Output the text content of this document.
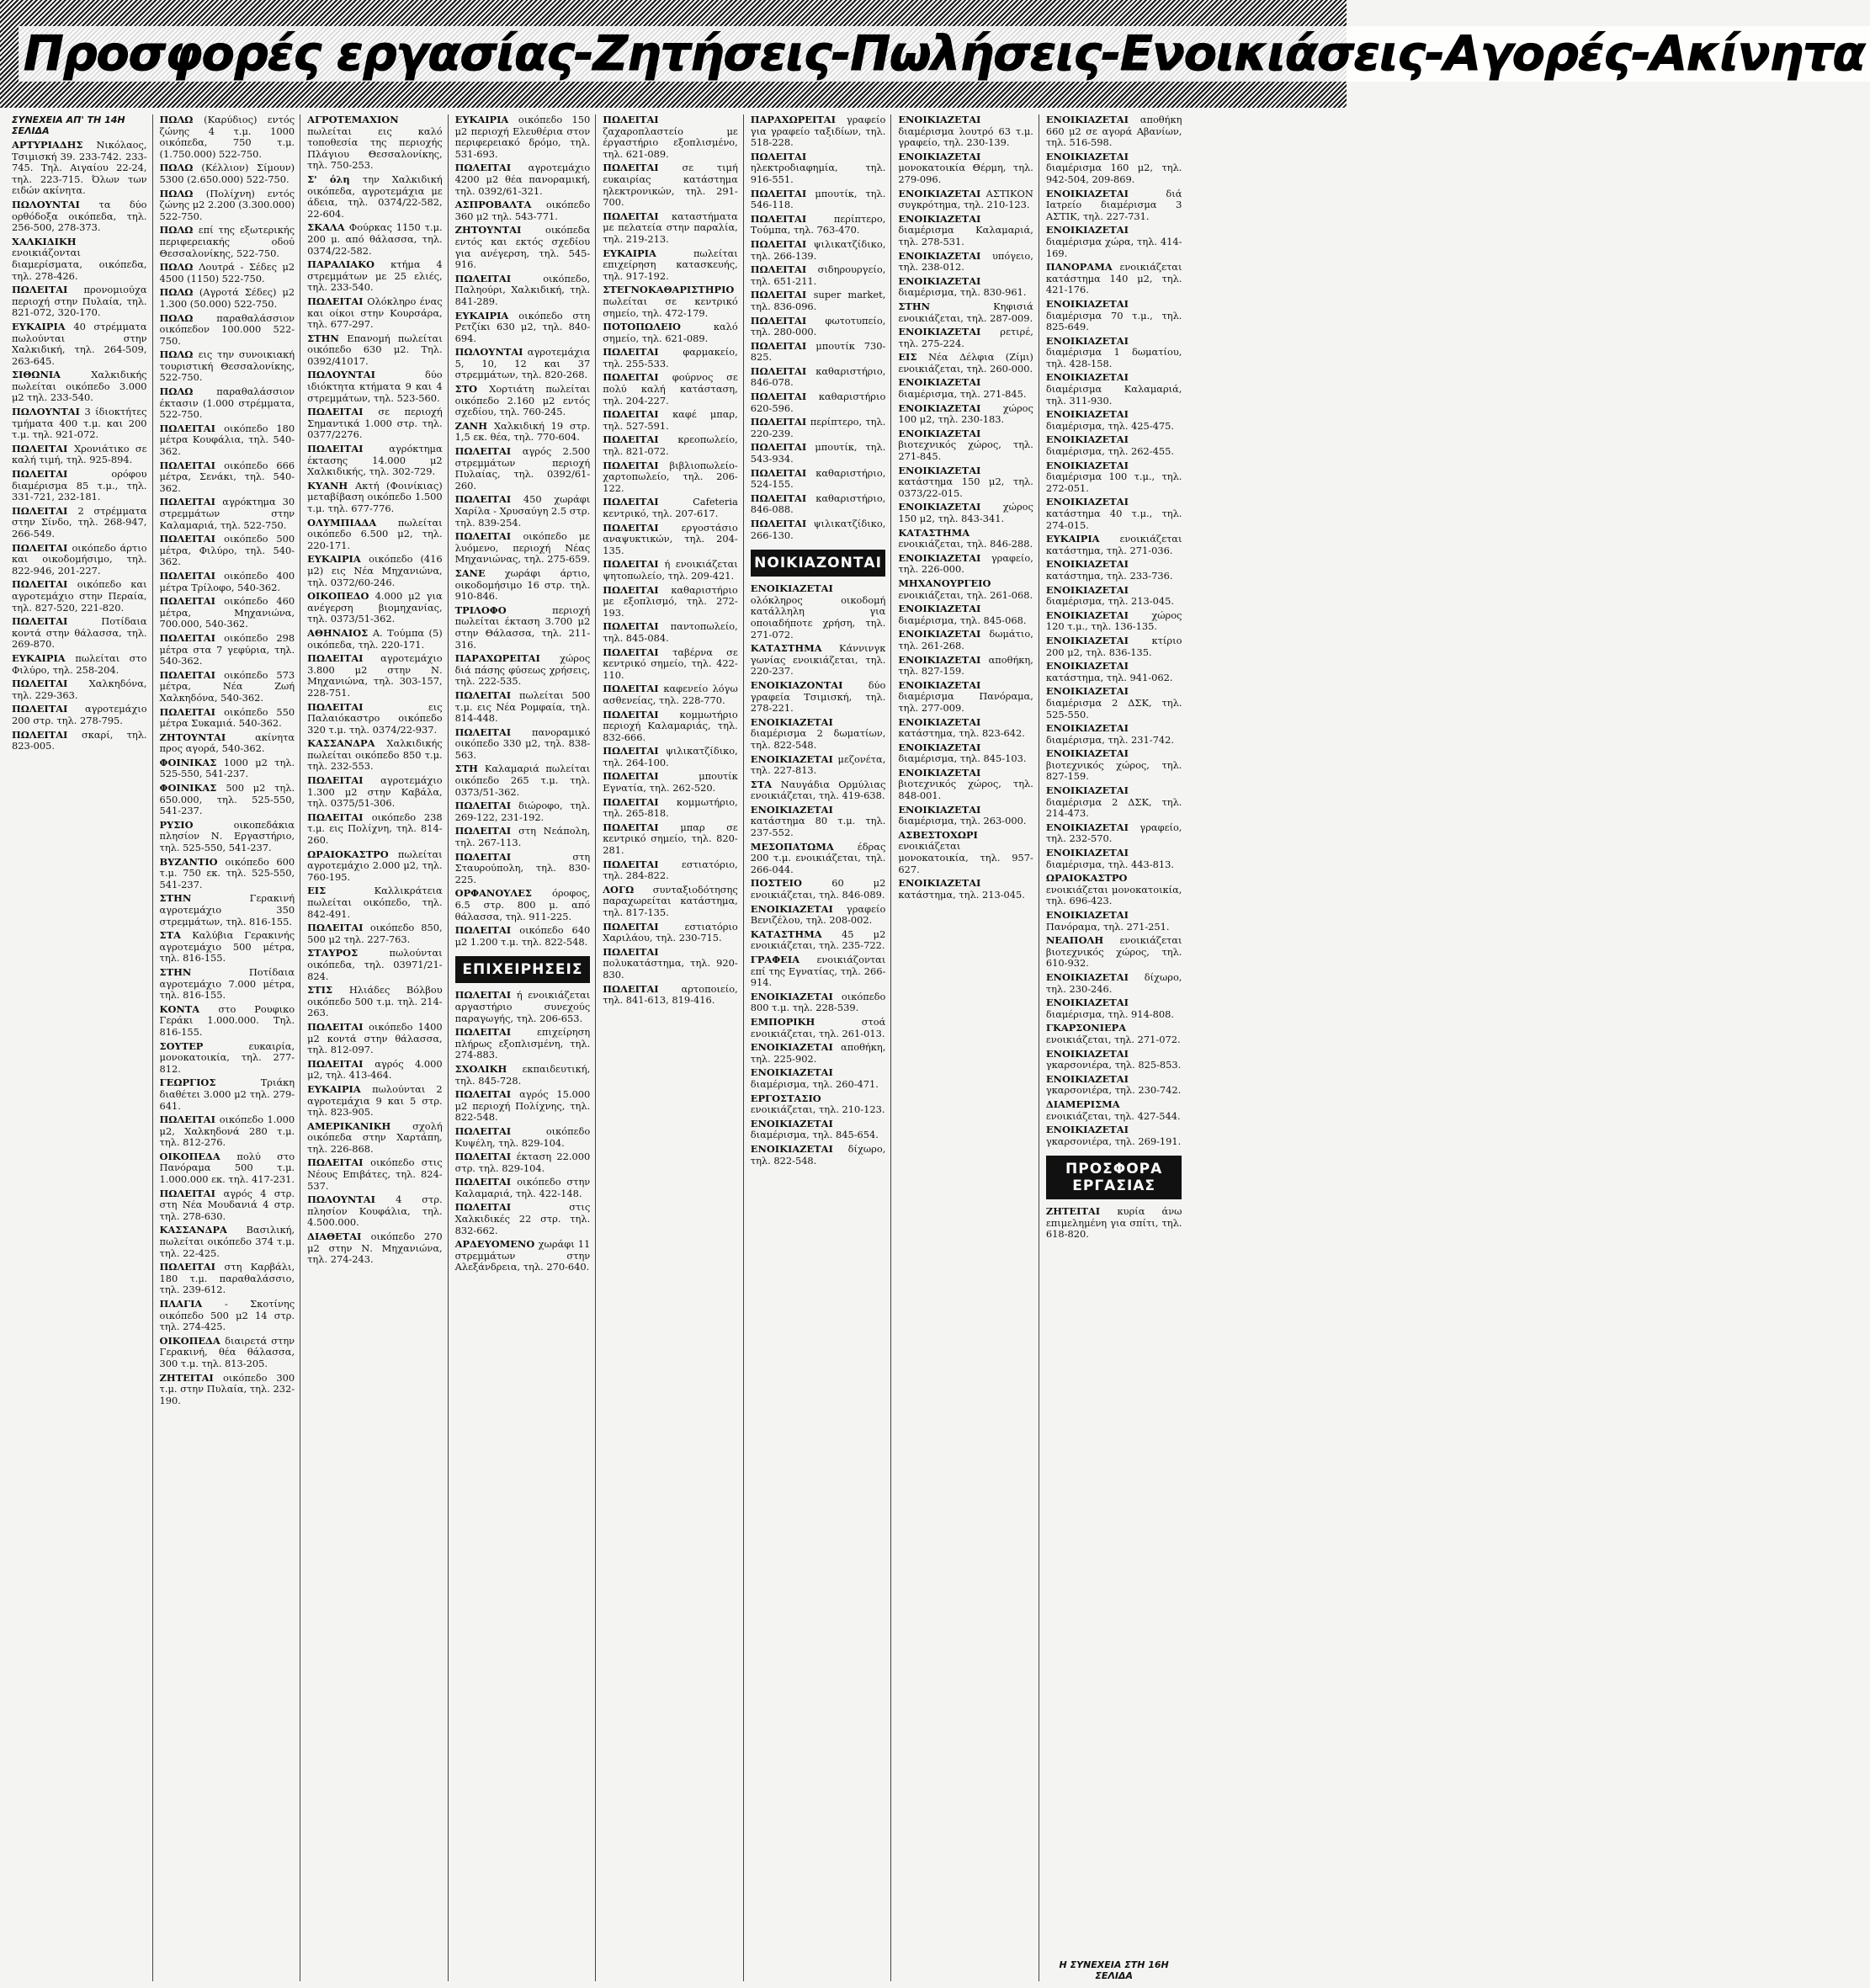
Προσφορές εργασίας-Ζητήσεις-Πωλήσεις-Ενοικιάσεις-Αγορές-Ακίνητα
ΣΥΝΕΧΕΙΑ ΑΠ' ΤΗ 14Η ΣΕΛΙΔΑ

ΑΡΤΥΡΙΑΔΗΣ Νικόλαος, Τσιμισκή 39. 233-742. 233-745. Τηλ. Αιγαίου 22-24, τηλ. 223-715. Όλων των ειδών ακίνητα.

ΠΩΛΟΥΝΤΑΙ τα δύο ορθόδοξα οικόπεδα, τηλ. 256-500, 278-373.

ΧΑΛΚΙΔΙΚΗ ενοικιάζονται διαμερίσματα, οικόπεδα, τηλ. 278-426.

ΠΩΛΕΙΤΑΙ προνομιούχα περιοχή στην Πυλαία, τηλ. 821-072, 320-170.

ΕΥΚΑΙΡΙΑ 40 στρέμματα πωλούνται στην Χαλκιδική, τηλ. 264-509, 263-645.

ΣΙΘΩΝΙΑ Χαλκιδικής πωλείται οικόπεδο 3.000 μ2 τηλ. 233-540.

ΠΩΛΟΥΝΤΑΙ 3 ίδιοκτήτες τμήματα 400 τ.μ. και 200 τ.μ. τηλ. 921-072.

ΠΩΛΕΙΤΑΙ Χρονιάτικο σε καλή τιμή, τηλ. 925-894.

ΠΩΛΕΙΤΑΙ ορόφου διαμέρισμα 85 τ.μ., τηλ. 331-721, 232-181.

ΠΩΛΕΙΤΑΙ 2 στρέμματα στην Σίνδο, τηλ. 268-947, 266-549.

ΠΩΛΕΙΤΑΙ οικόπεδο άρτιο και οικοδομήσιμο, τηλ. 822-946, 201-227.

ΠΩΛΕΙΤΑΙ οικόπεδο και αγροτεμάχιο στην Περαία, τηλ. 827-520, 221-820.

ΠΩΛΕΙΤΑΙ Ποτίδαια κοντά στην θάλασσα, τηλ. 269-870.

ΕΥΚΑΙΡΙΑ πωλείται στο Φιλύρο, τηλ. 258-204.

ΠΩΛΕΙΤΑΙ Χαλκηδόνα, τηλ. 229-363.

ΠΩΛΕΙΤΑΙ αγροτεμάχιο 200 στρ. τηλ. 278-795.

ΠΩΛΕΙΤΑΙ σκαρί, τηλ. 823-005.

ΠΩΛΩ (Καρύδιος) εντός ζώνης 4 τ.μ. 1000 οικόπεδα, 750 τ.μ. (1.750.000) 522-750.

ΠΩΛΩ (Κέλλιον) Σίμουν) 5300 (2.650.000) 522-750.

ΠΩΛΩ (Πολίχνη) εντός ζώνης μ2 2.200 (3.300.000) 522-750.

ΠΩΛΩ επί της εξωτερικής περιφερειακής οδού Θεσσαλονίκης, 522-750.

ΠΩΛΩ Λουτρά - Σέδες μ2 4500 (1150) 522-750.

ΠΩΛΩ (Αγροτά Σέδες) μ2 1.300 (50.000) 522-750.

ΠΩΛΩ παραθαλάσσιον οικόπεδον 100.000 522-750.

ΠΩΛΩ εις την συνοικιακή τουριστική Θεσσαλονίκης, 522-750.

ΠΩΛΩ παραθαλάσσιον έκτασιν (1.000 στρέμματα, 522-750.

ΠΩΛΕΙΤΑΙ οικόπεδο 180 μέτρα Κουφάλια, τηλ. 540-362.

ΠΩΛΕΙΤΑΙ οικόπεδο 666 μέτρα, Σενάκι, τηλ. 540-362.

ΠΩΛΕΙΤΑΙ αγρόκτημα 30 στρεμμάτων στην Καλαμαριά, τηλ. 522-750.

ΠΩΛΕΙΤΑΙ οικόπεδο 500 μέτρα, Φιλύρο, τηλ. 540-362.

ΠΩΛΕΙΤΑΙ οικόπεδο 400 μέτρα Τρίλοφο, 540-362.

ΠΩΛΕΙΤΑΙ οικόπεδο 460 μέτρα, Μηχανιώνα, 700.000, 540-362.

ΠΩΛΕΙΤΑΙ οικόπεδο 298 μέτρα στα 7 γεφύρια, τηλ. 540-362.

ΠΩΛΕΙΤΑΙ οικόπεδο 573 μέτρα, Νέα Ζωή Χαλκηδόνα, 540-362.

ΠΩΛΕΙΤΑΙ οικόπεδο 550 μέτρα Συκαμιά. 540-362.

ΖΗΤΟΥΝΤΑΙ ακίνητα προς αγορά, 540-362.

ΦΟΙΝΙΚΑΣ 1000 μ2 τηλ. 525-550, 541-237.

ΦΟΙΝΙΚΑΣ 500 μ2 τηλ. 650.000, τηλ. 525-550, 541-237.

ΡΥΣΙΟ οικοπεδάκια πλησίον Ν. Εργαστήριο, τηλ. 525-550, 541-237.

ΒΥΖΑΝΤΙΟ οικόπεδο 600 τ.μ. 750 εκ. τηλ. 525-550, 541-237.

ΣΤΗΝ Γερακινή αγροτεμάχιο 350 στρεμμάτων, τηλ. 816-155.

ΣΤΑ Καλύβια Γερακινής αγροτεμάχιο 500 μέτρα, τηλ. 816-155.

ΣΤΗΝ Ποτίδαια αγροτεμάχιο 7.000 μέτρα, τηλ. 816-155.

ΚΟΝΤΑ στο Ρουφικο Γεράκι 1.000.000. Τηλ. 816-155.

ΣΟΥΤΕΡ ευκαιρία, μονοκατοικία, τηλ. 277-812.

ΓΕΩΡΓΙΟΣ Τριάκη διαθέτει 3.000 μ2 τηλ. 279-641.

ΠΩΛΕΙΤΑΙ οικόπεδο 1.000 μ2, Χαλκηδονά 280 τ.μ. τηλ. 812-276.

ΟΙΚΟΠΕΔΑ πολύ στο Πανόραμα 500 τ.μ. 1.000.000 εκ. τηλ. 417-231.

ΠΩΛΕΙΤΑΙ αγρός 4 στρ. στη Νέα Μουδανιά 4 στρ. τηλ. 278-630.

ΚΑΣΣΑΝΔΡΑ Βασιλική, πωλείται οικόπεδο 374 τ.μ. τηλ. 22-425.

ΠΩΛΕΙΤΑΙ στη Καρβάλι, 180 τ.μ. παραθαλάσσιο, τηλ. 239-612.

ΠΛΑΓΙΑ - Σκοτίνης οικόπεδο 500 μ2 14 στρ. τηλ. 274-425.

ΟΙΚΟΠΕΔΑ διαιρετά στην Γερακινή, θέα θάλασσα, 300 τ.μ. τηλ. 813-205.

ΖΗΤΕΙΤΑΙ οικόπεδο 300 τ.μ. στην Πυλαία, τηλ. 232-190.

ΑΓΡΟΤΕΜΑΧΙΟΝ πωλείται εις καλό τοποθεσία της περιοχής Πλάγιου Θεσσαλονίκης, τηλ. 750-253.

Σ' όλη την Χαλκιδική οικόπεδα, αγροτεμάχια με άδεια, τηλ. 0374/22-582, 22-604.

ΣΚΑΛΑ Φούρκας 1150 τ.μ. 200 μ. από θάλασσα, τηλ. 0374/22-582.

ΠΑΡΑΛΙΑΚΟ κτήμα 4 στρεμμάτων με 25 ελιές, τηλ. 233-540.

ΠΩΛΕΙΤΑΙ Ολόκληρο ένας και οίκοι στην Κουρσάρα, τηλ. 677-297.

ΣΤΗΝ Επανομή πωλείται οικόπεδο 630 μ2. Τηλ. 0392/41017.

ΠΩΛΟΥΝΤΑΙ δύο ιδιόκτητα κτήματα 9 και 4 στρεμμάτων, τηλ. 523-560.

ΠΩΛΕΙΤΑΙ σε περιοχή Σημαντικά 1.000 στρ. τηλ. 0377/2276.

ΠΩΛΕΙΤΑΙ αγρόκτημα έκτασης 14.000 μ2 Χαλκιδικής, τηλ. 302-729.

ΚΥΑΝΗ Ακτή (Φοινίκιας) μεταβίβαση οικόπεδο 1.500 τ.μ. τηλ. 677-776.

ΟΛΥΜΠΙΑΔΑ πωλείται οικόπεδο 6.500 μ2, τηλ. 220-171.

ΕΥΚΑΙΡΙΑ οικόπεδο (416 μ2) εις Νέα Μηχανιώνα, τηλ. 0372/60-246.

ΟΙΚΟΠΕΔΟ 4.000 μ2 για ανέγερση βιομηχανίας, τηλ. 0373/51-362.

ΑΘΗΝΑΙΟΣ Α. Τούμπα (5) οικόπεδα, τηλ. 220-171.

ΠΩΛΕΙΤΑΙ αγροτεμάχιο 3.800 μ2 στην Ν. Μηχανιώνα, τηλ. 303-157, 228-751.

ΠΩΛΕΙΤΑΙ εις Παλαιόκαστρο οικόπεδο 320 τ.μ. τηλ. 0374/22-937.

ΚΑΣΣΑΝΔΡΑ Χαλκιδικής πωλείται οικόπεδο 850 τ.μ. τηλ. 232-553.

ΠΩΛΕΙΤΑΙ αγροτεμάχιο 1.300 μ2 στην Καβάλα, τηλ. 0375/51-306.

ΠΩΛΕΙΤΑΙ οικόπεδο 238 τ.μ. εις Πολίχνη, τηλ. 814-260.

ΩΡΑΙΟΚΑΣΤΡΟ πωλείται αγροτεμάχιο 2.000 μ2, τηλ. 760-195.

ΕΙΣ Καλλικράτεια πωλείται οικόπεδο, τηλ. 842-491.

ΠΩΛΕΙΤΑΙ οικόπεδο 850, 500 μ2 τηλ. 227-763.

ΣΤΑΥΡΟΣ πωλούνται οικόπεδα, τηλ. 03971/21-824.

ΣΤΙΣ Ηλιάδες Βόλβου οικόπεδο 500 τ.μ. τηλ. 214-263.

ΠΩΛΕΙΤΑΙ οικόπεδο 1400 μ2 κοντά στην θάλασσα, τηλ. 812-097.

ΠΩΛΕΙΤΑΙ αγρός 4.000 μ2, τηλ. 413-464.

ΕΥΚΑΙΡΙΑ πωλούνται 2 αγροτεμάχια 9 και 5 στρ. τηλ. 823-905.

ΑΜΕΡΙΚΑΝΙΚΗ σχολή οικόπεδα στην Χαρτάπη, τηλ. 226-868.

ΠΩΛΕΙΤΑΙ οικόπεδο στις Νέους Επιβάτες, τηλ. 824-537.

ΠΩΛΟΥΝΤΑΙ 4 στρ. πλησίον Κουφάλια, τηλ. 4.500.000.

ΔΙΑΘΕΤΑΙ οικόπεδο 270 μ2 στην Ν. Μηχανιώνα, τηλ. 274-243.

ΕΥΚΑΙΡΙΑ οικόπεδο 150 μ2 περιοχή Ελευθέρια στον περιφερειακό δρόμο, τηλ. 531-693.

ΠΩΛΕΙΤΑΙ αγροτεμάχιο 4200 μ2 θέα πανοραμική, τηλ. 0392/61-321.

ΑΣΠΡΟΒΑΛΤΑ οικόπεδο 360 μ2 τηλ. 543-771.

ΖΗΤΟΥΝΤΑΙ οικόπεδα εντός και εκτός σχεδίου για ανέγερση, τηλ. 545-916.

ΠΩΛΕΙΤΑΙ οικόπεδο, Παληούρι, Χαλκιδική, τηλ. 841-289.

ΕΥΚΑΙΡΙΑ οικόπεδο στη Ρετζίκι 630 μ2, τηλ. 840-694.

ΠΩΛΟΥΝΤΑΙ αγροτεμάχια 5, 10, 12 και 37 στρεμμάτων, τηλ. 820-268.

ΣΤΟ Χορτιάτη πωλείται οικόπεδο 2.160 μ2 εντός σχεδίου, τηλ. 760-245.

ΖΑΝΗ Χαλκιδική 19 στρ. 1,5 εκ. θέα, τηλ. 770-604.

ΠΩΛΕΙΤΑΙ αγρός 2.500 στρεμμάτων περιοχή Πυλαίας, τηλ. 0392/61-260.

ΠΩΛΕΙΤΑΙ 450 χωράφι Χαρίλα - Χρυσαύγη 2.5 στρ. τηλ. 839-254.

ΠΩΛΕΙΤΑΙ οικόπεδο με λυόμενο, περιοχή Νέας Μηχανιώνας, τηλ. 275-659.

ΣΑΝΕ χωράφι άρτιο, οικοδομήσιμο 16 στρ. τηλ. 910-846.

ΤΡΙΛΟΦΟ περιοχή πωλείται έκταση 3.700 μ2 στην Θάλασσα, τηλ. 211-316.

ΠΑΡΑΧΩΡΕΙΤΑΙ χώρος διά πάσης φύσεως χρήσεις, τηλ. 222-535.

ΠΩΛΕΙΤΑΙ πωλείται 500 τ.μ. εις Νέα Ρομφαία, τηλ. 814-448.

ΠΩΛΕΙΤΑΙ πανοραμικό οικόπεδο 330 μ2, τηλ. 838-563.

ΣΤΗ Καλαμαριά πωλείται οικόπεδο 265 τ.μ. τηλ. 0373/51-362.

ΠΩΛΕΙΤΑΙ διώροφο, τηλ. 269-122, 231-192.

ΠΩΛΕΙΤΑΙ στη Νεάπολη, τηλ. 267-113.

ΠΩΛΕΙΤΑΙ στη Σταυρούπολη, τηλ. 830-225.

ΟΡΦΑΝΟΥΛΕΣ όροφος, 6.5 στρ. 800 μ. από θάλασσα, τηλ. 911-225.

ΠΩΛΕΙΤΑΙ οικόπεδο 640 μ2 1.200 τ.μ. τηλ. 822-548.

ΕΠΙΧΕΙΡΗΣΕΙΣ

ΠΩΛΕΙΤΑΙ ή ενοικιάζεται αργαστήριο συνεχούς παραγωγής, τηλ. 206-653.

ΠΩΛΕΙΤΑΙ επιχείρηση πλήρως εξοπλισμένη, τηλ. 274-883.

ΣΧΟΛΙΚΗ εκπαιδευτική, τηλ. 845-728.

ΠΩΛΕΙΤΑΙ αγρός 15.000 μ2 περιοχή Πολίχνης, τηλ. 822-548.

ΠΩΛΕΙΤΑΙ οικόπεδο Κυψέλη, τηλ. 829-104.

ΠΩΛΕΙΤΑΙ έκταση 22.000 στρ. τηλ. 829-104.

ΠΩΛΕΙΤΑΙ οικόπεδο στην Καλαμαριά, τηλ. 422-148.

ΠΩΛΕΙΤΑΙ στις Χαλκιδικές 22 στρ. τηλ. 832-662.

ΑΡΔΕΥΟΜΕΝΟ χωράφι 11 στρεμμάτων στην Αλεξάνδρεια, τηλ. 270-640.

ΠΩΛΕΙΤΑΙ ζαχαροπλαστείο με έργαστήριο εξοπλισμένο, τηλ. 621-089.

ΠΩΛΕΙΤΑΙ σε τιμή ευκαιρίας κατάστημα ηλεκτρονικών, τηλ. 291-700.

ΠΩΛΕΙΤΑΙ καταστήματα με πελατεία στην παραλία, τηλ. 219-213.

ΕΥΚΑΙΡΙΑ πωλείται επιχείρηση κατασκευής, τηλ. 917-192.

ΣΤΕΓΝΟΚΑΘΑΡΙΣΤΗΡΙΟ πωλείται σε κεντρικό σημείο, τηλ. 472-179.

ΠΟΤΟΠΩΛΕΙΟ καλό σημείο, τηλ. 621-089.

ΠΩΛΕΙΤΑΙ φαρμακείο, τηλ. 255-533.

ΠΩΛΕΙΤΑΙ φούρνος σε πολύ καλή κατάσταση, τηλ. 204-227.

ΠΩΛΕΙΤΑΙ καφέ μπαρ, τηλ. 527-591.

ΠΩΛΕΙΤΑΙ κρεοπωλείο, τηλ. 821-072.

ΠΩΛΕΙΤΑΙ βιβλιοπωλείο-χαρτοπωλείο, τηλ. 206-122.

ΠΩΛΕΙΤΑΙ Cafeteria κεντρικό, τηλ. 207-617.

ΠΩΛΕΙΤΑΙ εργοστάσιο αναψυκτικών, τηλ. 204-135.

ΠΩΛΕΙΤΑΙ ή ενοικιάζεται ψητοπωλείο, τηλ. 209-421.

ΠΩΛΕΙΤΑΙ καθαριστήριο με εξοπλισμό, τηλ. 272-193.

ΠΩΛΕΙΤΑΙ παντοπωλείο, τηλ. 845-084.

ΠΩΛΕΙΤΑΙ ταβέρνα σε κεντρικό σημείο, τηλ. 422-110.

ΠΩΛΕΙΤΑΙ καφενείο λόγω ασθενείας, τηλ. 228-770.

ΠΩΛΕΙΤΑΙ κομμωτήριο περιοχή Καλαμαριάς, τηλ. 832-666.

ΠΩΛΕΙΤΑΙ ψιλικατζίδικο, τηλ. 264-100.

ΠΩΛΕΙΤΑΙ μπουτίκ Εγνατία, τηλ. 262-520.

ΠΩΛΕΙΤΑΙ κομμωτήριο, τηλ. 265-818.

ΠΩΛΕΙΤΑΙ μπαρ σε κεντρικό σημείο, τηλ. 820-281.

ΠΩΛΕΙΤΑΙ εστιατόριο, τηλ. 284-822.

ΛΟΓΩ συνταξιοδότησης παραχωρείται κατάστημα, τηλ. 817-135.

ΠΩΛΕΙΤΑΙ εστιατόριο Χαριλάου, τηλ. 230-715.

ΠΩΛΕΙΤΑΙ πολυκατάστημα, τηλ. 920-830.

ΠΩΛΕΙΤΑΙ αρτοποιείο, τηλ. 841-613, 819-416.

ΠΑΡΑΧΩΡΕΙΤΑΙ γραφείο για γραφείο ταξιδίων, τηλ. 518-228.

ΠΩΛΕΙΤΑΙ ηλεκτροδιαφημία, τηλ. 916-551.

ΠΩΛΕΙΤΑΙ μπουτίκ, τηλ. 546-118.

ΠΩΛΕΙΤΑΙ περίπτερο, Τούμπα, τηλ. 763-470.

ΠΩΛΕΙΤΑΙ ψιλικατζίδικο, τηλ. 266-139.

ΠΩΛΕΙΤΑΙ σιδηρουργείο, τηλ. 651-211.

ΠΩΛΕΙΤΑΙ super market, τηλ. 836-096.

ΠΩΛΕΙΤΑΙ φωτοτυπείο, τηλ. 280-000.

ΠΩΛΕΙΤΑΙ μπουτίκ 730-825.

ΠΩΛΕΙΤΑΙ καθαριστήριο, 846-078.

ΠΩΛΕΙΤΑΙ καθαριστήριο 620-596.

ΠΩΛΕΙΤΑΙ περίπτερο, τηλ. 220-239.

ΠΩΛΕΙΤΑΙ μπουτίκ, τηλ. 543-934.

ΠΩΛΕΙΤΑΙ καθαριστήριο, 524-155.

ΠΩΛΕΙΤΑΙ καθαριστήριο, 846-088.

ΠΩΛΕΙΤΑΙ ψιλικατζίδικο, 266-130.

ΝΟΙΚΙΑΖΟΝΤΑΙ

ΕΝΟΙΚΙΑΖΕΤΑΙ ολόκληρος οικοδομή κατάλληλη για οποιαδήποτε χρήση, τηλ. 271-072.

ΚΑΤΑΣΤΗΜΑ Κάννινγκ γωνίας ενοικιάζεται, τηλ. 220-237.

ΕΝΟΙΚΙΑΖΟΝΤΑΙ δύο γραφεία Τσιμισκή, τηλ. 278-221.

ΕΝΟΙΚΙΑΖΕΤΑΙ διαμέρισμα 2 δωματίων, τηλ. 822-548.

ΕΝΟΙΚΙΑΖΕΤΑΙ μεζονέτα, τηλ. 227-813.

ΣΤΑ Ναυγάδια Ορμύλιας ενοικιάζεται, τηλ. 419-638.

ΕΝΟΙΚΙΑΖΕΤΑΙ κατάστημα 80 τ.μ. τηλ. 237-552.

ΜΕΣΟΠΑΤΩΜΑ έδρας 200 τ.μ. ενοικιάζεται, τηλ. 266-044.

ΠΟΣΤΕΙΟ 60 μ2 ενοικιάζεται, τηλ. 846-089.

ΕΝΟΙΚΙΑΖΕΤΑΙ γραφείο Βενιζέλου, τηλ. 208-002.

ΚΑΤΑΣΤΗΜΑ 45 μ2 ενοικιάζεται, τηλ. 235-722.

ΓΡΑΦΕΙΑ ενοικιάζονται επί της Εγνατίας, τηλ. 266-914.

ΕΝΟΙΚΙΑΖΕΤΑΙ οικόπεδο 800 τ.μ. τηλ. 228-539.

ΕΜΠΟΡΙΚΗ στοά ενοικιάζεται, τηλ. 261-013.

ΕΝΟΙΚΙΑΖΕΤΑΙ αποθήκη, τηλ. 225-902.

ΕΝΟΙΚΙΑΖΕΤΑΙ διαμέρισμα, τηλ. 260-471.

ΕΡΓΟΣΤΑΣΙΟ ενοικιάζεται, τηλ. 210-123.

ΕΝΟΙΚΙΑΖΕΤΑΙ διαμέρισμα, τηλ. 845-654.

ΕΝΟΙΚΙΑΖΕΤΑΙ δίχωρο, τηλ. 822-548.

ΕΝΟΙΚΙΑΖΕΤΑΙ διαμέρισμα λουτρό 63 τ.μ. γραφείο, τηλ. 230-139.

ΕΝΟΙΚΙΑΖΕΤΑΙ μονοκατοικία Θέρμη, τηλ. 279-096.

ΕΝΟΙΚΙΑΖΕΤΑΙ ΑΣΤΙΚΟΝ συγκρότημα, τηλ. 210-123.

ΕΝΟΙΚΙΑΖΕΤΑΙ διαμέρισμα Καλαμαριά, τηλ. 278-531.

ΕΝΟΙΚΙΑΖΕΤΑΙ υπόγειο, τηλ. 238-012.

ΕΝΟΙΚΙΑΖΕΤΑΙ διαμέρισμα, τηλ. 830-961.

ΣΤΗΝ Κηφισιά ενοικιάζεται, τηλ. 287-009.

ΕΝΟΙΚΙΑΖΕΤΑΙ ρετιρέ, τηλ. 275-224.

ΕΙΣ Νέα Δέλφια (Ζίμι) ενοικιάζεται, τηλ. 260-000.

ΕΝΟΙΚΙΑΖΕΤΑΙ διαμέρισμα, τηλ. 271-845.

ΕΝΟΙΚΙΑΖΕΤΑΙ χώρος 100 μ2, τηλ. 230-183.

ΕΝΟΙΚΙΑΖΕΤΑΙ βιοτεχνικός χώρος, τηλ. 271-845.

ΕΝΟΙΚΙΑΖΕΤΑΙ κατάστημα 150 μ2, τηλ. 0373/22-015.

ΕΝΟΙΚΙΑΖΕΤΑΙ χώρος 150 μ2, τηλ. 843-341.

ΚΑΤΑΣΤΗΜΑ ενοικιάζεται, τηλ. 846-288.

ΕΝΟΙΚΙΑΖΕΤΑΙ γραφείο, τηλ. 226-000.

ΜΗΧΑΝΟΥΡΓΕΙΟ ενοικιάζεται, τηλ. 261-068.

ΕΝΟΙΚΙΑΖΕΤΑΙ διαμέρισμα, τηλ. 845-068.

ΕΝΟΙΚΙΑΖΕΤΑΙ δωμάτιο, τηλ. 261-268.

ΕΝΟΙΚΙΑΖΕΤΑΙ αποθήκη, τηλ. 827-159.

ΕΝΟΙΚΙΑΖΕΤΑΙ διαμέρισμα Πανόραμα, τηλ. 277-009.

ΕΝΟΙΚΙΑΖΕΤΑΙ κατάστημα, τηλ. 823-642.

ΕΝΟΙΚΙΑΖΕΤΑΙ διαμέρισμα, τηλ. 845-103.

ΕΝΟΙΚΙΑΖΕΤΑΙ βιοτεχνικός χώρος, τηλ. 848-001.

ΕΝΟΙΚΙΑΖΕΤΑΙ διαμέρισμα, τηλ. 263-000.

ΑΣΒΕΣΤΟΧΩΡΙ ενοικιάζεται μονοκατοικία, τηλ. 957-627.

ΕΝΟΙΚΙΑΖΕΤΑΙ κατάστημα, τηλ. 213-045.

ΕΝΟΙΚΙΑΖΕΤΑΙ αποθήκη 660 μ2 σε αγορά Αβανίων, τηλ. 516-598.

ΕΝΟΙΚΙΑΖΕΤΑΙ διαμέρισμα 160 μ2, τηλ. 942-504, 209-869.

ΕΝΟΙΚΙΑΖΕΤΑΙ διά Ιατρείο διαμέρισμα 3 ΑΣΤΙΚ, τηλ. 227-731.

ΕΝΟΙΚΙΑΖΕΤΑΙ διαμέρισμα χώρα, τηλ. 414-169.

ΠΑΝΟΡΑΜΑ ενοικιάζεται κατάστημα 140 μ2, τηλ. 421-176.

ΕΝΟΙΚΙΑΖΕΤΑΙ διαμέρισμα 70 τ.μ., τηλ. 825-649.

ΕΝΟΙΚΙΑΖΕΤΑΙ διαμέρισμα 1 δωματίου, τηλ. 428-158.

ΕΝΟΙΚΙΑΖΕΤΑΙ διαμέρισμα Καλαμαριά, τηλ. 311-930.

ΕΝΟΙΚΙΑΖΕΤΑΙ διαμέρισμα, τηλ. 425-475.

ΕΝΟΙΚΙΑΖΕΤΑΙ διαμέρισμα, τηλ. 262-455.

ΕΝΟΙΚΙΑΖΕΤΑΙ διαμέρισμα 100 τ.μ., τηλ. 272-051.

ΕΝΟΙΚΙΑΖΕΤΑΙ κατάστημα 40 τ.μ., τηλ. 274-015.

ΕΥΚΑΙΡΙΑ ενοικιάζεται κατάστημα, τηλ. 271-036.

ΕΝΟΙΚΙΑΖΕΤΑΙ κατάστημα, τηλ. 233-736.

ΕΝΟΙΚΙΑΖΕΤΑΙ διαμέρισμα, τηλ. 213-045.

ΕΝΟΙΚΙΑΖΕΤΑΙ χώρος 120 τ.μ., τηλ. 136-135.

ΕΝΟΙΚΙΑΖΕΤΑΙ κτίριο 200 μ2, τηλ. 836-135.

ΕΝΟΙΚΙΑΖΕΤΑΙ κατάστημα, τηλ. 941-062.

ΕΝΟΙΚΙΑΖΕΤΑΙ διαμέρισμα 2 ΔΣΚ, τηλ. 525-550.

ΕΝΟΙΚΙΑΖΕΤΑΙ διαμέρισμα, τηλ. 231-742.

ΕΝΟΙΚΙΑΖΕΤΑΙ βιοτεχνικός χώρος, τηλ. 827-159.

ΕΝΟΙΚΙΑΖΕΤΑΙ διαμέρισμα 2 ΔΣΚ, τηλ. 214-473.

ΕΝΟΙΚΙΑΖΕΤΑΙ γραφείο, τηλ. 232-570.

ΕΝΟΙΚΙΑΖΕΤΑΙ διαμέρισμα, τηλ. 443-813.

ΩΡΑΙΟΚΑΣΤΡΟ ενοικιάζεται μονοκατοικία, τηλ. 696-423.

ΕΝΟΙΚΙΑΖΕΤΑΙ Πανόραμα, τηλ. 271-251.

ΝΕΑΠΟΛΗ ενοικιάζεται βιοτεχνικός χώρος, τηλ. 610-932.

ΕΝΟΙΚΙΑΖΕΤΑΙ δίχωρο, τηλ. 230-246.

ΕΝΟΙΚΙΑΖΕΤΑΙ διαμέρισμα, τηλ. 914-808.

ΓΚΑΡΣΟΝΙΕΡΑ ενοικιάζεται, τηλ. 271-072.

ΕΝΟΙΚΙΑΖΕΤΑΙ γκαρσονιέρα, τηλ. 825-853.

ΕΝΟΙΚΙΑΖΕΤΑΙ γκαρσονιέρα, τηλ. 230-742.

ΔΙΑΜΕΡΙΣΜΑ ενοικιάζεται, τηλ. 427-544.

ΕΝΟΙΚΙΑΖΕΤΑΙ γκαρσονιέρα, τηλ. 269-191.

ΠΡΟΣΦΟΡΑ ΕΡΓΑΣΙΑΣ

ΖΗΤΕΙΤΑΙ κυρία άνω επιμελημένη για σπίτι, τηλ. 618-820.

Η ΣΥΝΕΧΕΙΑ ΣΤΗ 16Η ΣΕΛΙΔΑ
